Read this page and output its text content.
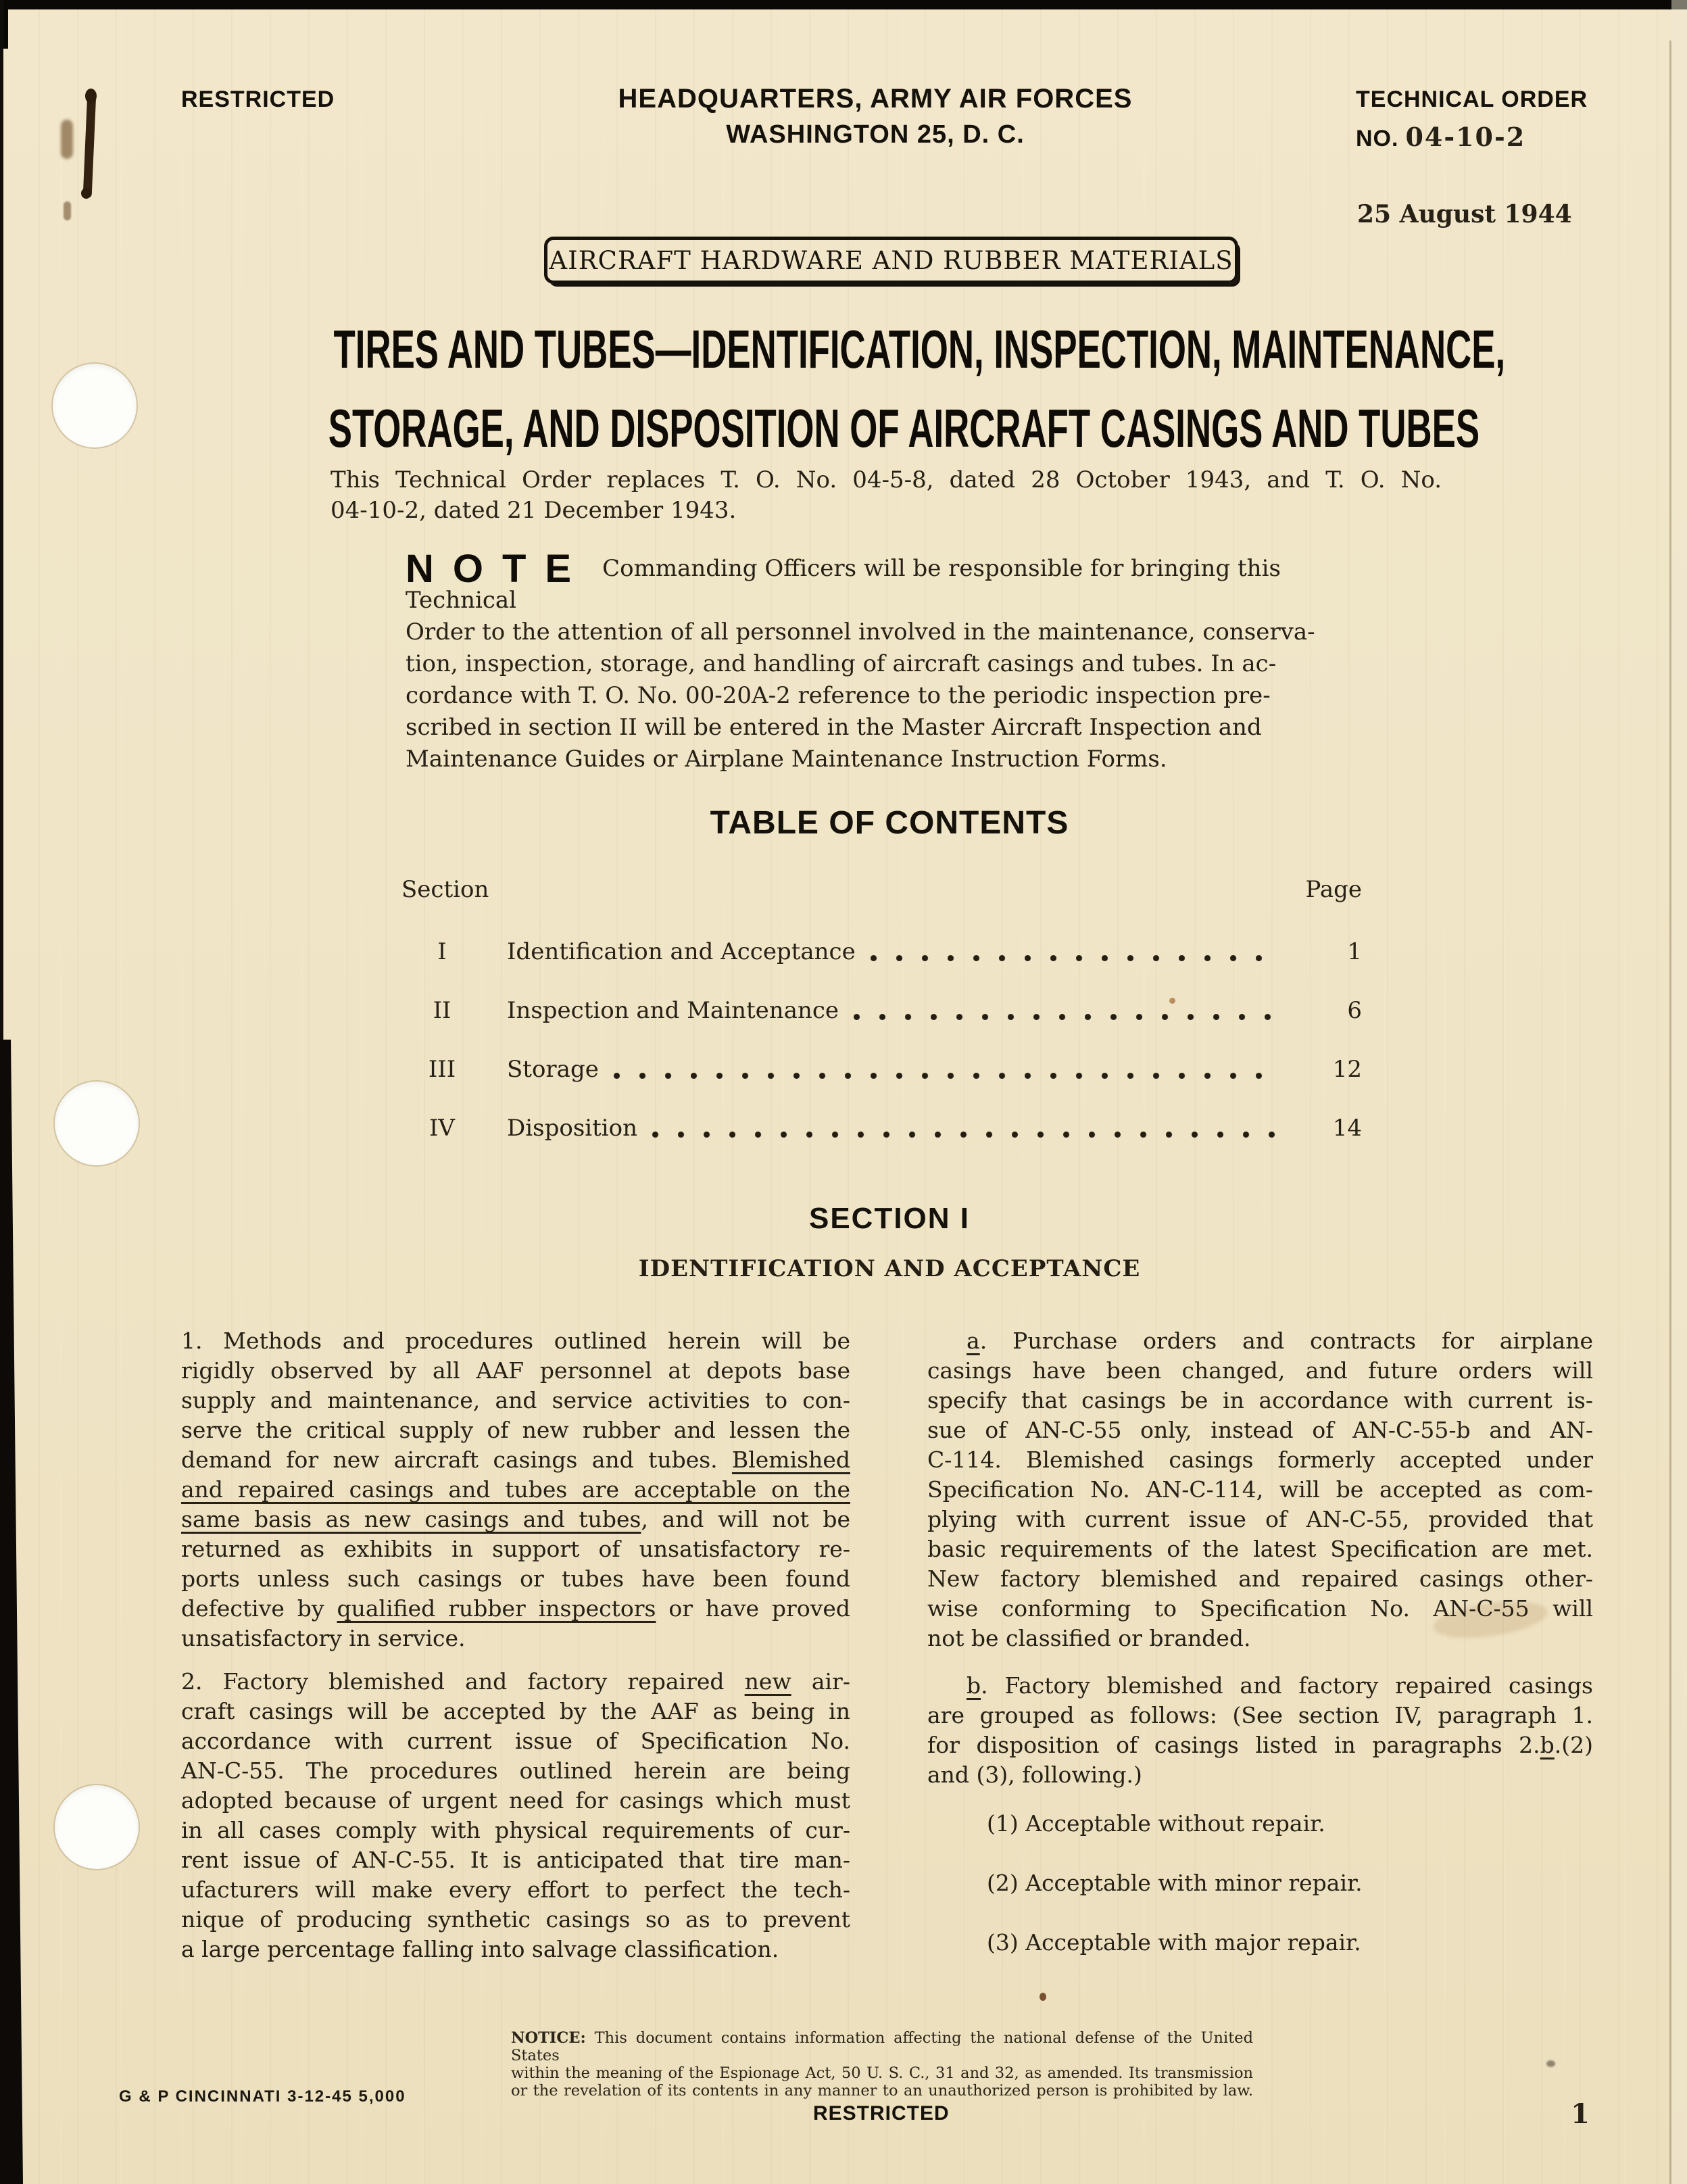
RESTRICTED	HEADQUARTERS, ARMY AIR FORCES
WASHINGTON 25, D. C.
TECHNICAL ORDER
NO. 04-10-2
25 August 1944
AIRCRAFT HARDWARE AND RUBBER MATERIALS
TIRES AND TUBES—IDENTIFICATION, INSPECTION, MAINTENANCE,
STORAGE, AND DISPOSITION OF AIRCRAFT CASINGS AND TUBES
This Technical Order replaces T. O. No. 04-5-8, dated 28 October 1943, and T. O. No.
04-10-2, dated 21 December 1943.
NOTE Commanding Officers will be responsible for bringing this Technical
Order to the attention of all personnel involved in the maintenance, conserva-
tion, inspection, storage, and handling of aircraft casings and tubes. In ac-
cordance with T. O. No. 00-20A-2 reference to the periodic inspection pre-
scribed in section II will be entered in the Master Aircraft Inspection and
Maintenance Guides or Airplane Maintenance Instruction Forms.
TABLE OF CONTENTS
Section	Page
I	Identification and Acceptance	1
II	Inspection and Maintenance	6
III	Storage	12
IV	Disposition	14
SECTION I
IDENTIFICATION AND ACCEPTANCE
1. Methods and procedures outlined herein will be
rigidly observed by all AAF personnel at depots base
supply and maintenance, and service activities to con-
serve the critical supply of new rubber and lessen the
demand for new aircraft casings and tubes. Blemished
and repaired casings and tubes are acceptable on the
same basis as new casings and tubes, and will not be
returned as exhibits in support of unsatisfactory re-
ports unless such casings or tubes have been found
defective by qualified rubber inspectors or have proved
unsatisfactory in service.
2. Factory blemished and factory repaired new air-
craft casings will be accepted by the AAF as being in
accordance with current issue of Specification No.
AN-C-55. The procedures outlined herein are being
adopted because of urgent need for casings which must
in all cases comply with physical requirements of cur-
rent issue of AN-C-55. It is anticipated that tire man-
ufacturers will make every effort to perfect the tech-
nique of producing synthetic casings so as to prevent
a large percentage falling into salvage classification.
a. Purchase orders and contracts for airplane
casings have been changed, and future orders will
specify that casings be in accordance with current is-
sue of AN-C-55 only, instead of AN-C-55-b and AN-
C-114. Blemished casings formerly accepted under
Specification No. AN-C-114, will be accepted as com-
plying with current issue of AN-C-55, provided that
basic requirements of the latest Specification are met.
New factory blemished and repaired casings other-
wise conforming to Specification No. AN-C-55 will
not be classified or branded.
b. Factory blemished and factory repaired casings
are grouped as follows: (See section IV, paragraph 1.
for disposition of casings listed in paragraphs 2.b.(2)
and (3), following.)
(1) Acceptable without repair.
(2) Acceptable with minor repair.
(3) Acceptable with major repair.
NOTICE: This document contains information affecting the national defense of the United States
within the meaning of the Espionage Act, 50 U. S. C., 31 and 32, as amended. Its transmission
or the revelation of its contents in any manner to an unauthorized person is prohibited by law.
G & P CINCINNATI 3-12-45 5,000
RESTRICTED	1
